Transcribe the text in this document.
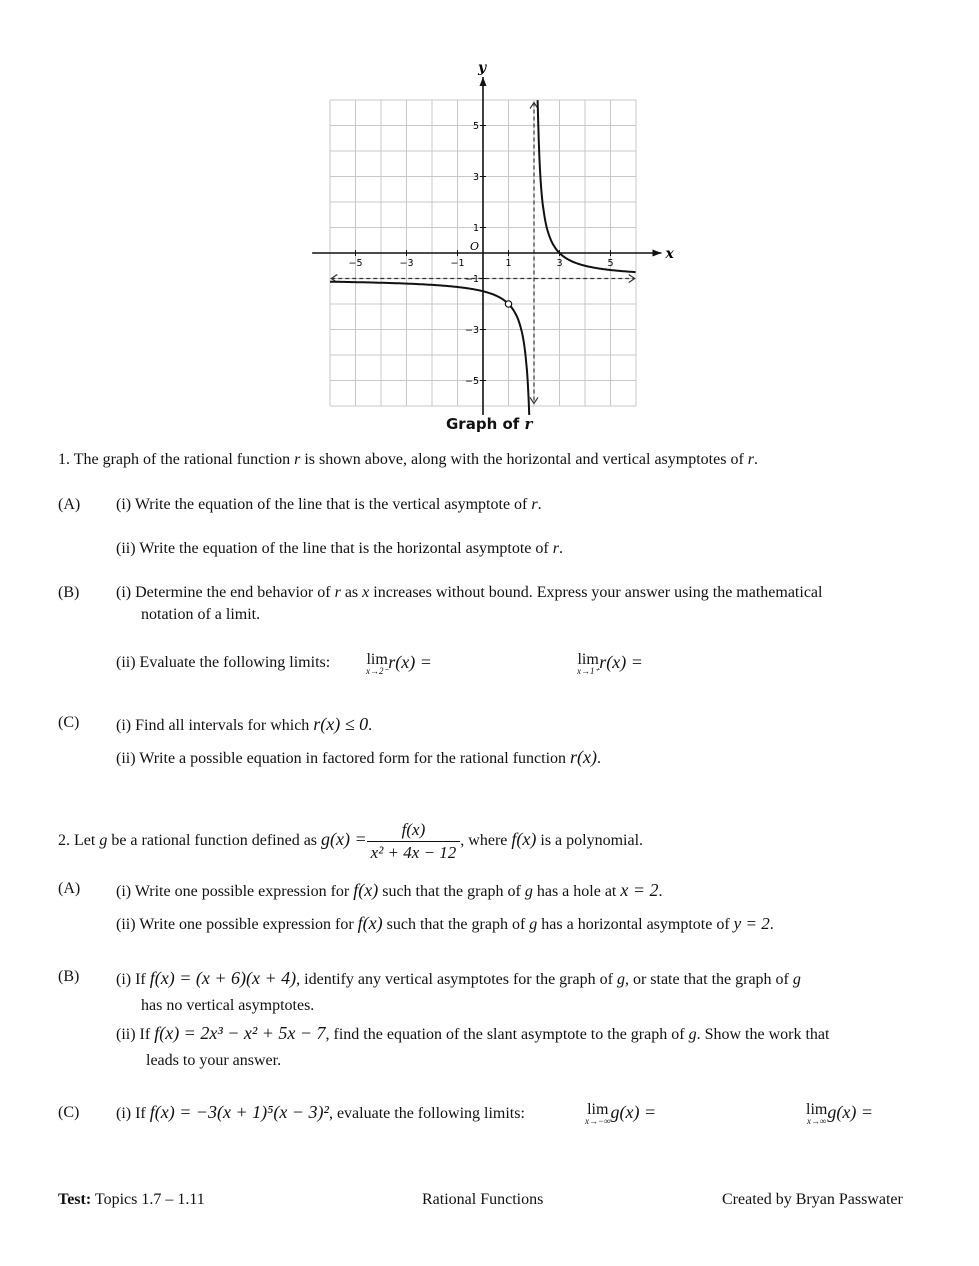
x
y
O
−5	−3	−1	1	3	5
5
3
1
−1
−3
−5
Graph of r
1. The graph of the rational function r is shown above, along with the horizontal and vertical asymptotes of r.
(A) (i) Write the equation of the line that is the vertical asymptote of r.
(ii) Write the equation of the line that is the horizontal asymptote of r.
(B) (i) Determine the end behavior of r as x increases without bound. Express your answer using the mathematical
notation of a limit.
(ii) Evaluate the following limits: lim
x→2⁻ r(x) =	lim
x→1⁺ r(x) =
(C) (i) Find all intervals for which r(x) ≤ 0.
(ii) Write a possible equation in factored form for the rational function r(x).
2. Let g be a rational function defined as $g(x) = \frac{f(x)}{\text{x² + 4x − 12}}$ , where f(x) is a polynomial.
(A) (i) Write one possible expression for f(x) such that the graph of g has a hole at x = 2.
(ii) Write one possible expression for f(x) such that the graph of g has a horizontal asymptote of y = 2.
(B) (i) If f(x) = (x + 6)(x + 4), identify any vertical asymptotes for the graph of g, or state that the graph of g
has no vertical asymptotes.
(ii) If f(x) = 2x³ − x² + 5x − 7, find the equation of the slant asymptote to the graph of g. Show the work that
leads to your answer.
(C) (i) If f(x) = −3(x + 1)⁵(x − 3)², evaluate the following limits:	lim
x→−∞ g(x) =	lim
x→∞ g(x) =
Test: Topics 1.7 – 1.11	Rational Functions	Created by Bryan Passwater
